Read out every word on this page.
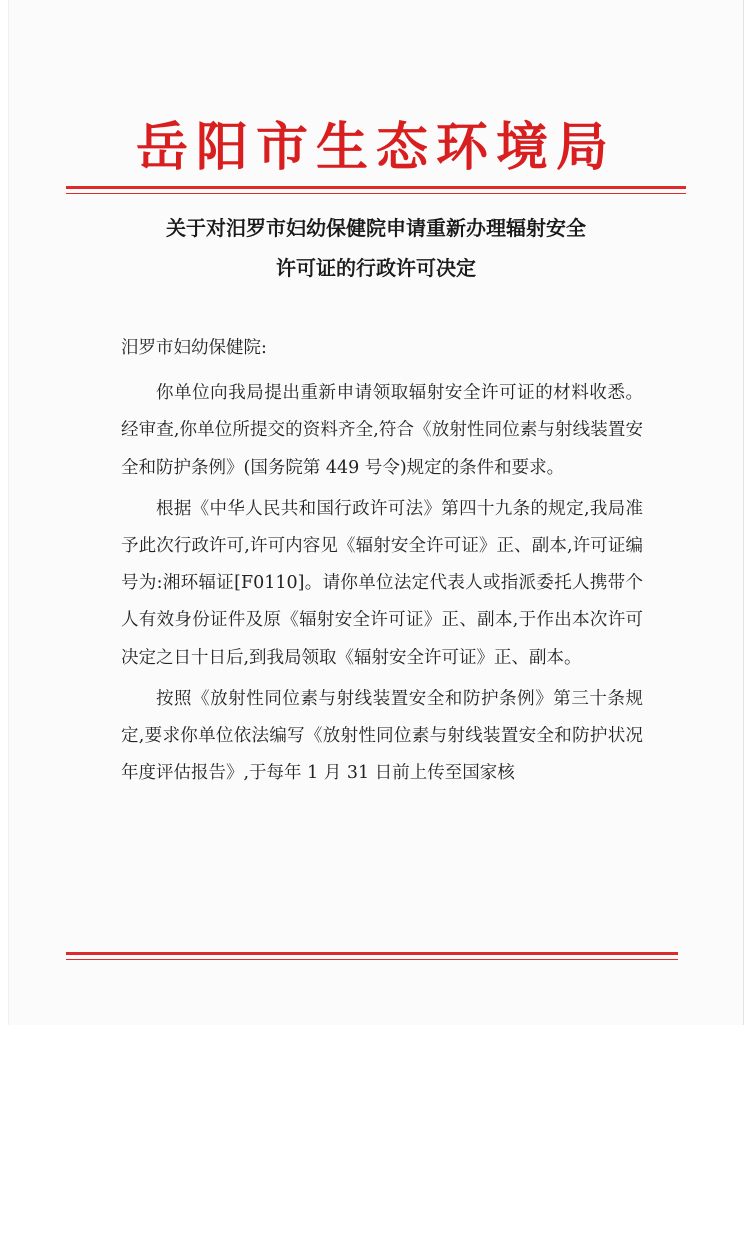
岳阳市生态环境局
关于对汨罗市妇幼保健院申请重新办理辐射安全
许可证的行政许可决定

汨罗市妇幼保健院:

你单位向我局提出重新申请领取辐射安全许可证的材料收悉。经审查,你单位所提交的资料齐全,符合《放射性同位素与射线装置安全和防护条例》(国务院第 449 号令)规定的条件和要求。

根据《中华人民共和国行政许可法》第四十九条的规定,我局准予此次行政许可,许可内容见《辐射安全许可证》正、副本,许可证编号为:湘环辐证[F0110]。请你单位法定代表人或指派委托人携带个人有效身份证件及原《辐射安全许可证》正、副本,于作出本次许可决定之日十日后,到我局领取《辐射安全许可证》正、副本。

按照《放射性同位素与射线装置安全和防护条例》第三十条规定,要求你单位依法编写《放射性同位素与射线装置安全和防护状况年度评估报告》,于每年 1 月 31 日前上传至国家核
